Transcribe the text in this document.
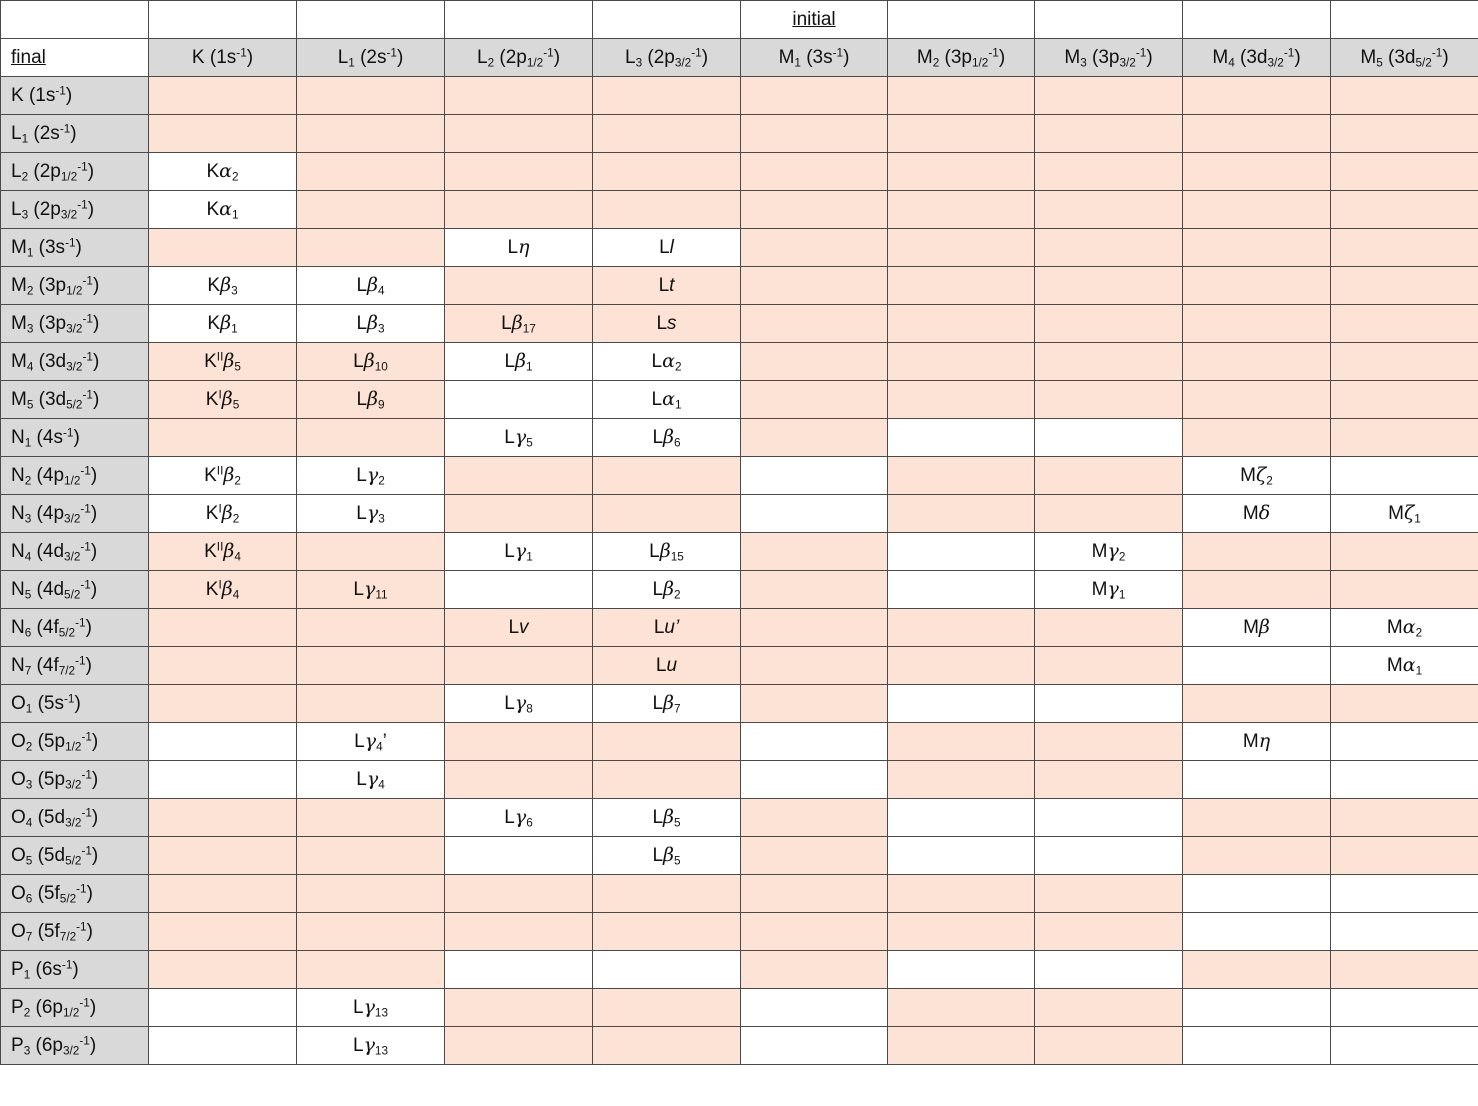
					initial				
final	K $(1s^{-1})$	$L_1$ $(2s^{-1})$	$L_2$ $(2p_{1/2}^{-1})$	$L_3$ $(2p_{3/2}^{-1})$	$M_1$ $(3s^{-1})$	$M_2$ $(3p_{1/2}^{-1})$	$M_3$ $(3p_{3/2}^{-1})$	$M_4$ $(3d_{3/2}^{-1})$	$M_5$ $(3d_{5/2}^{-1})$
K $(1s^{-1})$									
$L_1$ $(2s^{-1})$									
$L_2$ $(2p_{1/2}^{-1})$	$K\alpha_2$								
$L_3$ $(2p_{3/2}^{-1})$	$K\alpha_1$								
$M_1$ $(3s^{-1})$			Lη	Ll					
$M_2$ $(3p_{1/2}^{-1})$	$K\beta_3$	$L\beta_4$		Lt					
$M_3$ $(3p_{3/2}^{-1})$	$K\beta_1$	$L\beta_3$	$L\beta_{17}$	Ls					
$M_4$ $(3d_{3/2}^{-1})$	$K^{II}\beta_5$	$L\beta_{10}$	$L\beta_1$	$L\alpha_2$					
$M_5$ $(3d_{5/2}^{-1})$	$K^I\beta_5$	$L\beta_9$		$L\alpha_1$					
$N_1$ $(4s^{-1})$			$L\gamma_5$	$L\beta_6$					
$N_2$ $(4p_{1/2}^{-1})$	$K^{II}\beta_2$	$L\gamma_2$						$M\zeta_2$	
$N_3$ $(4p_{3/2}^{-1})$	$K^I\beta_2$	$L\gamma_3$						Mδ	$M\zeta_1$
$N_4$ $(4d_{3/2}^{-1})$	$K^{II}\beta_4$		$L\gamma_1$	$L\beta_{15}$			$M\gamma_2$		
$N_5$ $(4d_{5/2}^{-1})$	$K^I\beta_4$	$L\gamma_{11}$		$L\beta_2$			$M\gamma_1$		
$N_6$ $(4f_{5/2}^{-1})$			Lv	Lu’				Mβ	$M\alpha_2$
$N_7$ $(4f_{7/2}^{-1})$				Lu					$M\alpha_1$
$O_1$ $(5s^{-1})$			$L\gamma_8$	$L\beta_7$					
$O_2$ $(5p_{1/2}^{-1})$		$L\gamma_4$’						Mη	
$O_3$ $(5p_{3/2}^{-1})$		$L\gamma_4$							
$O_4$ $(5d_{3/2}^{-1})$			$L\gamma_6$	$L\beta_5$					
$O_5$ $(5d_{5/2}^{-1})$				$L\beta_5$					
$O_6$ $(5f_{5/2}^{-1})$									
$O_7$ $(5f_{7/2}^{-1})$									
$P_1$ $(6s^{-1})$									
$P_2$ $(6p_{1/2}^{-1})$		$L\gamma_{13}$							
$P_3$ $(6p_{3/2}^{-1})$		$L\gamma_{13}$							
